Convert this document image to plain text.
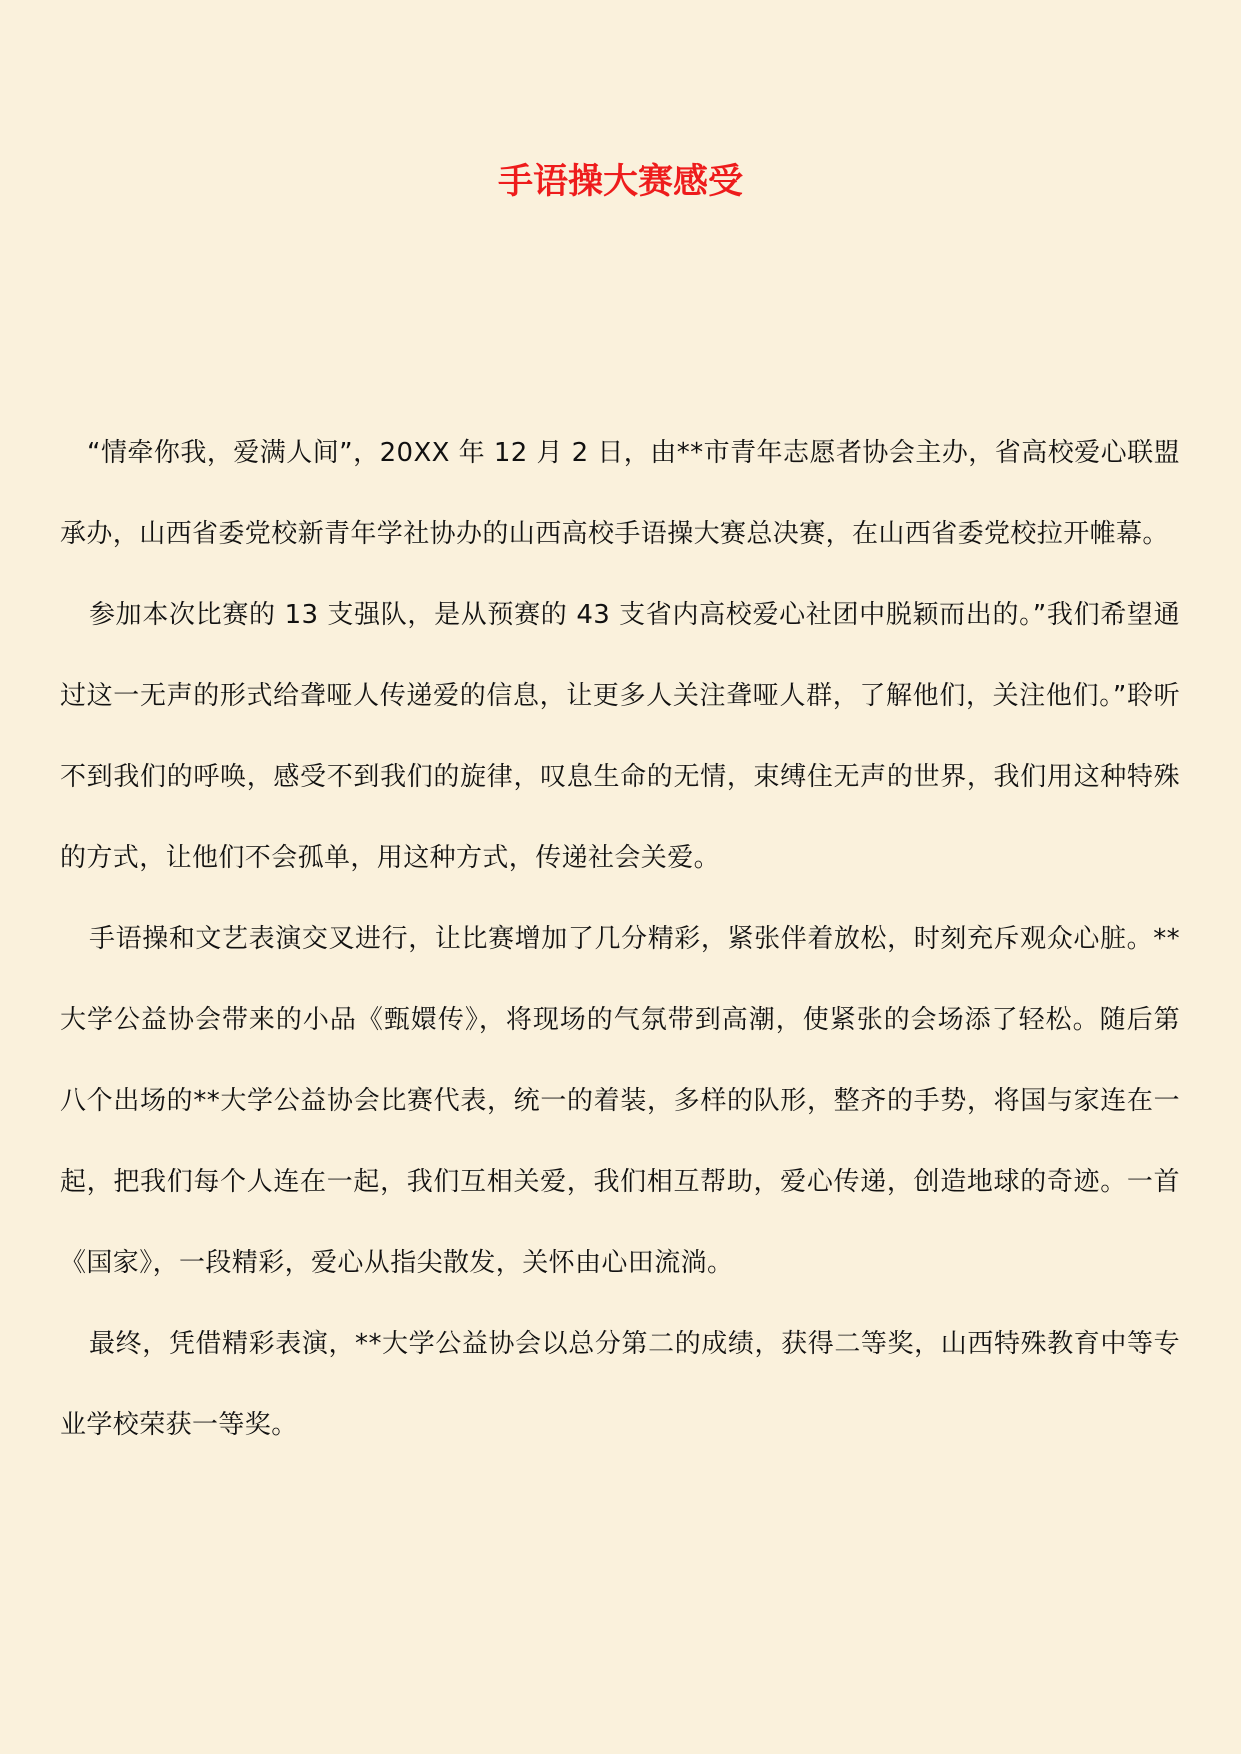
手语操大赛感受

“情牵你我，爱满人间”，20XX 年 12 月 2 日，由**市青年志愿者协会主办，省高校爱心联盟承办，山西省委党校新青年学社协办的山西高校手语操大赛总决赛，在山西省委党校拉开帷幕。

参加本次比赛的 13 支强队，是从预赛的 43 支省内高校爱心社团中脱颖而出的。”我们希望通过这一无声的形式给聋哑人传递爱的信息，让更多人关注聋哑人群，了解他们，关注他们。”聆听不到我们的呼唤，感受不到我们的旋律，叹息生命的无情，束缚住无声的世界，我们用这种特殊的方式，让他们不会孤单，用这种方式，传递社会关爱。

手语操和文艺表演交叉进行，让比赛增加了几分精彩，紧张伴着放松，时刻充斥观众心脏。**大学公益协会带来的小品《甄嬛传》，将现场的气氛带到高潮，使紧张的会场添了轻松。随后第八个出场的**大学公益协会比赛代表，统一的着装，多样的队形，整齐的手势，将国与家连在一起，把我们每个人连在一起，我们互相关爱，我们相互帮助，爱心传递，创造地球的奇迹。一首《国家》，一段精彩，爱心从指尖散发，关怀由心田流淌。

最终，凭借精彩表演，**大学公益协会以总分第二的成绩，获得二等奖，山西特殊教育中等专业学校荣获一等奖。
